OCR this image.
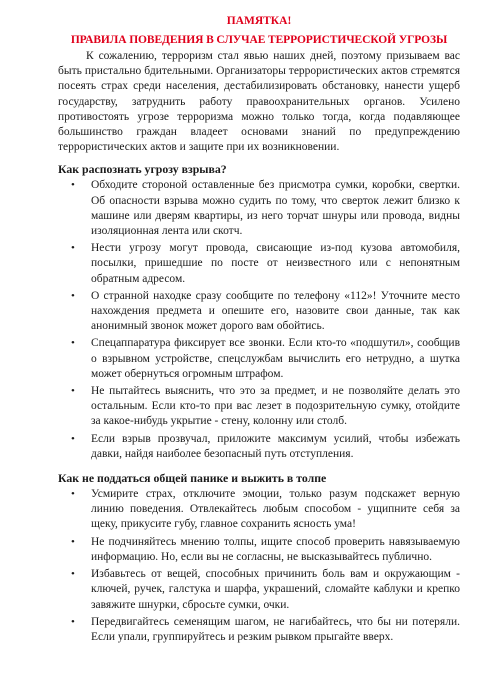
ПАМЯТКА!

ПРАВИЛА ПОВЕДЕНИЯ В СЛУЧАЕ ТЕРРОРИСТИЧЕСКОЙ УГРОЗЫ

К сожалению, терроризм стал явью наших дней, поэтому призываем вас быть пристально бдительными. Организаторы террористических актов стремятся посеять страх среди населения, дестабилизировать обстановку, нанести ущерб государству, затруднить работу правоохранительных органов. Усилено противостоять угрозе терроризма можно только тогда, когда подавляющее большинство граждан владеет основами знаний по предупреждению террористических актов и защите при их возникновении.

Как распознать угрозу взрыва?
• Обходите стороной оставленные без присмотра сумки, коробки, свертки. Об опасности взрыва можно судить по тому, что сверток лежит близко к машине или дверям квартиры, из него торчат шнуры или провода, видны изоляционная лента или скотч.
• Нести угрозу могут провода, свисающие из-под кузова автомобиля, посылки, пришедшие по посте от неизвестного или с непонятным обратным адресом.
• О странной находке сразу сообщите по телефону «112»! Уточните место нахождения предмета и опешите его, назовите свои данные, так как анонимный звонок может дорого вам обойтись.
• Спецаппаратура фиксирует все звонки. Если кто-то «подшутил», сообщив о взрывном устройстве, спецслужбам вычислить его нетрудно, а шутка может обернуться огромным штрафом.
• Не пытайтесь выяснить, что это за предмет, и не позволяйте делать это остальным. Если кто-то при вас лезет в подозрительную сумку, отойдите за какое-нибудь укрытие - стену, колонну или столб.
• Если взрыв прозвучал, приложите максимум усилий, чтобы избежать давки, найдя наиболее безопасный путь отступления.
Как не поддаться общей панике и выжить в толпе
• Усмирите страх, отключите эмоции, только разум подскажет верную линию поведения. Отвлекайтесь любым способом - ущипните себя за щеку, прикусите губу, главное сохранить ясность ума!
• Не подчиняйтесь мнению толпы, ищите способ проверить навязываемую информацию. Но, если вы не согласны, не высказывайтесь публично.
• Избавьтесь от вещей, способных причинить боль вам и окружающим - ключей, ручек, галстука и шарфа, украшений, сломайте каблуки и крепко завяжите шнурки, сбросьте сумки, очки.
• Передвигайтесь семенящим шагом, не нагибайтесь, что бы ни потеряли. Если упали, группируйтесь и резким рывком прыгайте вверх.
